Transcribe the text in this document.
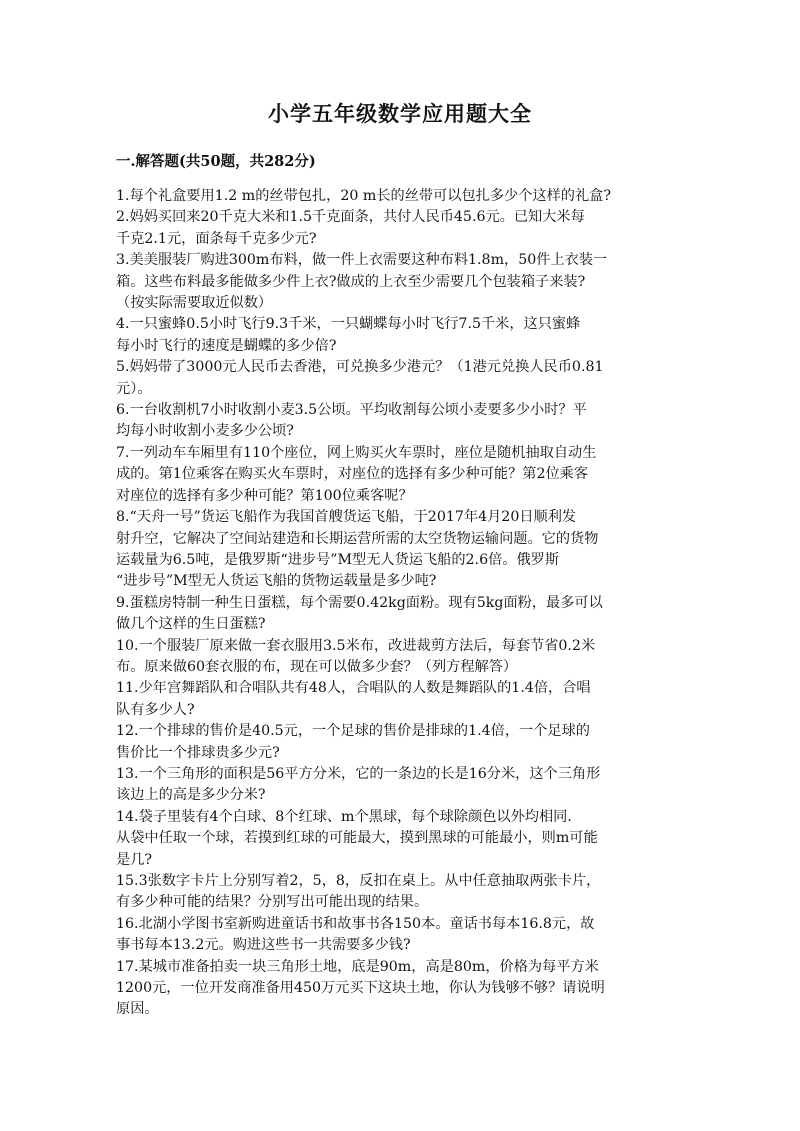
小学五年级数学应用题大全
一.解答题(共50题，共282分)
1.每个礼盒要用1.2 m的丝带包扎，20 m长的丝带可以包扎多少个这样的礼盒?
2.妈妈买回来20千克大米和1.5千克面条，共付人民币45.6元。已知大米每
千克2.1元，面条每千克多少元?
3.美美服装厂购进300m布料，做一件上衣需要这种布料1.8m，50件上衣装一
箱。这些布料最多能做多少件上衣?做成的上衣至少需要几个包装箱子来装?
（按实际需要取近似数）
4.一只蜜蜂0.5小时飞行9.3千米，一只蝴蝶每小时飞行7.5千米，这只蜜蜂
每小时飞行的速度是蝴蝶的多少倍?
5.妈妈带了3000元人民币去香港，可兑换多少港元？（1港元兑换人民币0.81
元）。
6.一台收割机7小时收割小麦3.5公顷。平均收割每公顷小麦要多少小时？平
均每小时收割小麦多少公顷?
7.一列动车车厢里有110个座位，网上购买火车票时，座位是随机抽取自动生
成的。第1位乘客在购买火车票时，对座位的选择有多少种可能？第2位乘客
对座位的选择有多少种可能？第100位乘客呢？
8.“天舟一号”货运飞船作为我国首艘货运飞船，于2017年4月20日顺利发
射升空，它解决了空间站建造和长期运营所需的太空货物运输问题。它的货物
运载量为6.5吨，是俄罗斯“进步号”M型无人货运飞船的2.6倍。俄罗斯
“进步号”M型无人货运飞船的货物运载量是多少吨?
9.蛋糕房特制一种生日蛋糕，每个需要0.42kg面粉。现有5kg面粉，最多可以
做几个这样的生日蛋糕?
10.一个服装厂原来做一套衣服用3.5米布，改进裁剪方法后，每套节省0.2米
布。原来做60套衣服的布，现在可以做多少套？（列方程解答）
11.少年宫舞蹈队和合唱队共有48人，合唱队的人数是舞蹈队的1.4倍，合唱
队有多少人?
12.一个排球的售价是40.5元，一个足球的售价是排球的1.4倍，一个足球的
售价比一个排球贵多少元?
13.一个三角形的面积是56平方分米，它的一条边的长是16分米，这个三角形
该边上的高是多少分米?
14.袋子里装有4个白球、8个红球、m个黑球，每个球除颜色以外均相同.
从袋中任取一个球，若摸到红球的可能最大，摸到黑球的可能最小，则m可能
是几?
15.3张数字卡片上分别写着2，5，8，反扣在桌上。从中任意抽取两张卡片，
有多少种可能的结果？分别写出可能出现的结果。
16.北湖小学图书室新购进童话书和故事书各150本。童话书每本16.8元，故
事书每本13.2元。购进这些书一共需要多少钱?
17.某城市准备拍卖一块三角形土地，底是90m，高是80m，价格为每平方米
1200元，一位开发商准备用450万元买下这块土地，你认为钱够不够？请说明
原因。
